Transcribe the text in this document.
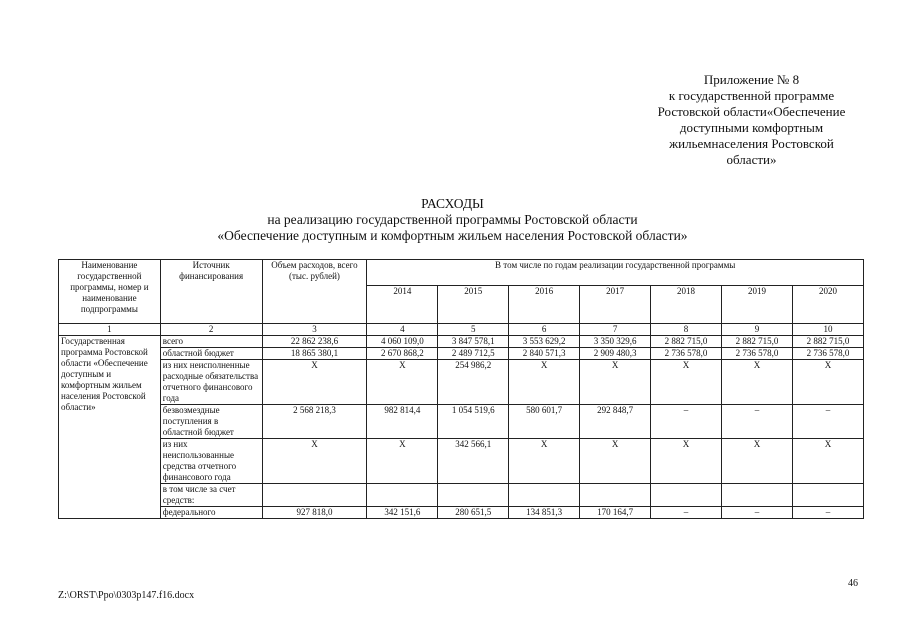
Приложение № 8
к государственной программе
Ростовской области«Обеспечение
доступными комфортным
жильемнаселения Ростовской
области»
РАСХОДЫ
на реализацию государственной программы Ростовской области
«Обеспечение доступным и комфортным жильем населения Ростовской области»
Наименование государственной программы, номер и наименование подпрограммы	Источник финансирования	Объем расходов, всего (тыс. рублей)	В том числе по годам реализации государственной программы						
			2014	2015	2016	2017	2018	2019	2020
1	2	3	4	5	6	7	8	9	10
Государственная программа Ростовской области «Обеспечение доступным и комфортным жильем населения Ростовской области»	всего	22 862 238,6	4 060 109,0	3 847 578,1	3 553 629,2	3 350 329,6	2 882 715,0	2 882 715,0	2 882 715,0
	областной бюджет	18 865 380,1	2 670 868,2	2 489 712,5	2 840 571,3	2 909 480,3	2 736 578,0	2 736 578,0	2 736 578,0
	из них неисполненные расходные обязательства отчетного финансового года	Х	Х	254 986,2	Х	Х	Х	Х	Х
	безвозмездные поступления в областной бюджет	2 568 218,3	982 814,4	1 054 519,6	580 601,7	292 848,7	–	–	–
	из них неиспользованные средства отчетного финансового года	Х	Х	342 566,1	Х	Х	Х	Х	Х
	в том числе за счет средств:								
	федерального	927 818,0	342 151,6	280 651,5	134 851,3	170 164,7	–	–	–
46
Z:\ORST\Ppo\0303p147.f16.docx
